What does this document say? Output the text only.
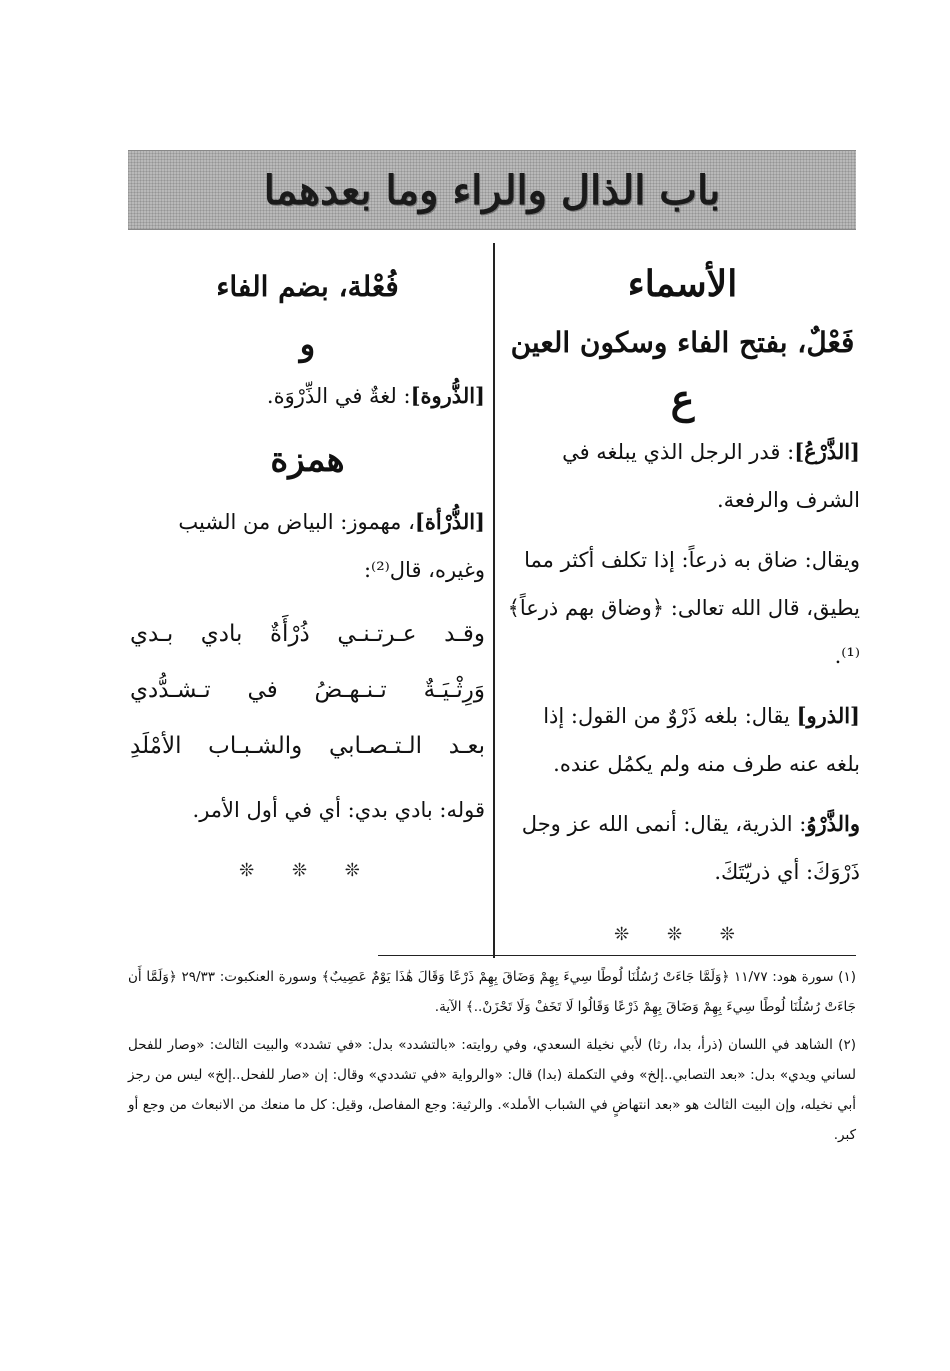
باب الذال والراء وما بعدهما
الأسماء
فَعْلٌ، بفتح الفاء وسكون العين
ع

[الذَّرْعُ]: قدر الرجل الذي يبلغه في الشرف والرفعة.

ويقال: ضاق به ذرعاً: إذا تكلف أكثر مما يطيق، قال الله تعالى: ﴿وضاق بهم ذرعاً﴾⁽¹⁾.

[الذرو] يقال: بلغه ذَرْوٌ من القول: إذا بلغه عنه طرف منه ولم يكمُل عنده.

والذَّرْوُ: الذرية، يقال: أنمى الله عز وجل ذَرْوَكَ: أي ذريّتَكَ.

❊ ❊ ❊
فُعْلة، بضم الفاء
و

[الذُّروة]: لغةٌ في الذِّرْوَة.

همزة

[الذُّرْأة]، مهموز: البياض من الشيب وغيره، قال⁽²⁾:

وقـد عـرتـنـي ذُرْأَةٌ بادي بـدي
وَرِثْـيَـةٌ تـنـهـضُ في تـشـدُّدي
بعـد الـتـصـابي والشـبـاب الأمْلَدِ
قوله: بادي بدي: أي في أول الأمر.
❊ ❊ ❊

(١) سورة هود: ١١/٧٧ ﴿وَلَمَّا جَاءَتْ رُسُلُنَا لُوطًا سِيءَ بِهِمْ وَضَاقَ بِهِمْ ذَرْعًا وَقَالَ هَٰذَا يَوْمٌ عَصِيبٌ﴾ وسورة العنكبوت: ٢٩/٣٣ ﴿وَلَمَّا أَن جَاءَتْ رُسُلُنَا لُوطًا سِيءَ بِهِمْ وَضَاقَ بِهِمْ ذَرْعًا وَقَالُوا لَا تَخَفْ وَلَا تَحْزَنْ..﴾ الآية.

(٢) الشاهد في اللسان (ذرأ، بدا، رثا) لأبي نخيلة السعدي، وفي روايته: «بالتشدد» بدل: «في تشدد» والبيت الثالث: «وصار للفحل لساني ويدي» بدل: «بعد التصابي..إلخ» وفي التكملة (بدا) قال: «والرواية «في تشددي» وقال: إن «صار للفحل..إلخ» ليس من رجز أبي نخيله، وإن البيت الثالث هو «بعد انتهاضٍ في الشباب الأملد». والرثية: وجع المفاصل، وقيل: كل ما منعك من الانبعاث من وجع أو كبر.
